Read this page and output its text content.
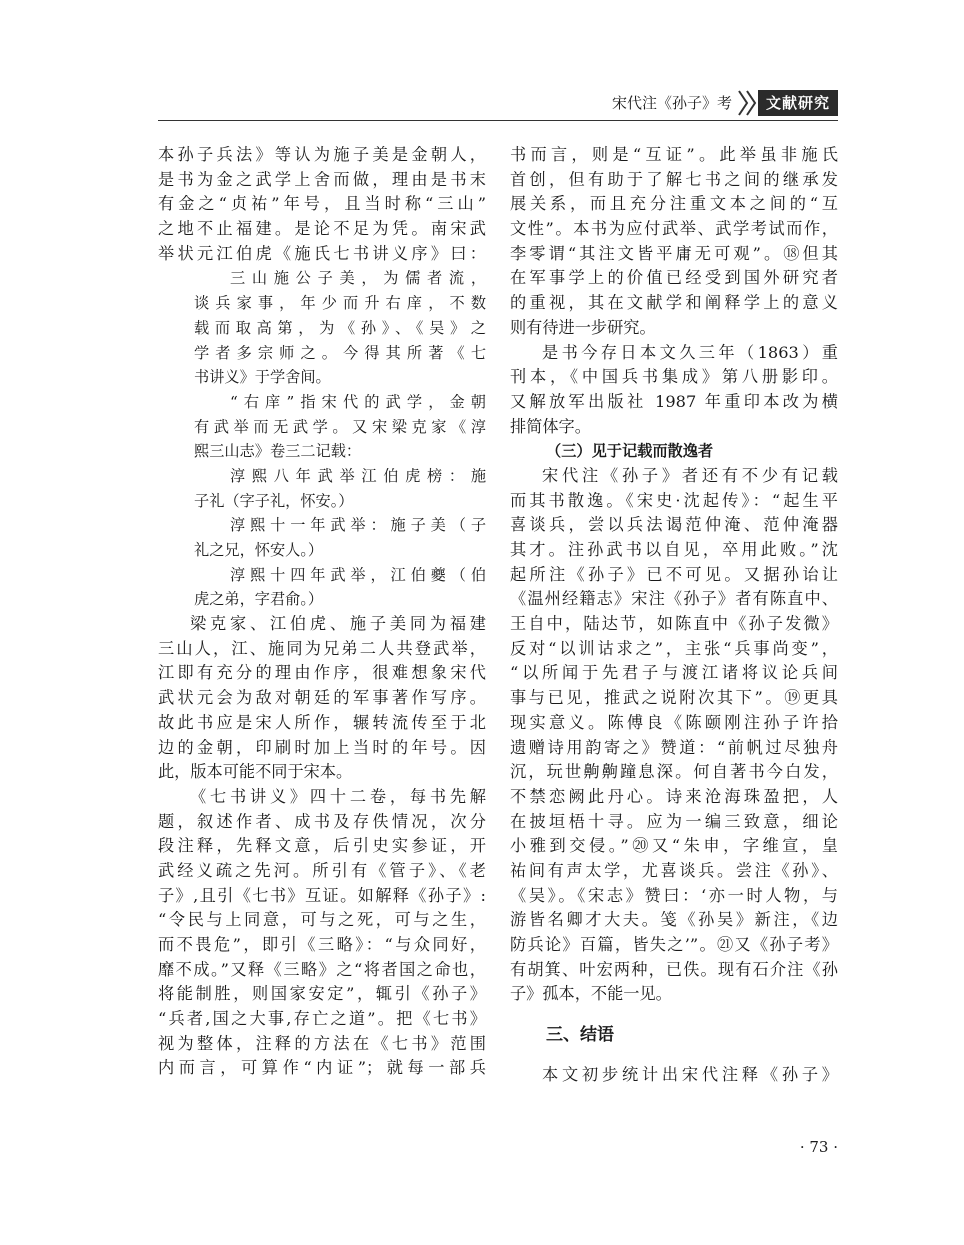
宋代注《孙子》考	文献研究
本孙子兵法》等认为施子美是金朝人，
是书为金之武学上舍而做，理由是书末
有金之“贞祐”年号，且当时称“三山”
之地不止福建。是论不足为凭。南宋武
举状元江伯虎《施氏七书讲义序》曰：
三山施公子美，为儒者流，
谈兵家事，年少而升右庠，不数
载而取高第，为《孙》、《吴》之
学者多宗师之。今得其所著《七
书讲义》于学舍间。
“右庠”指宋代的武学，金朝
有武举而无武学。又宋梁克家《淳
熙三山志》卷三二记载：
淳熙八年武举江伯虎榜：施
子礼（字子礼，怀安。）
淳熙十一年武举：施子美（子
礼之兄，怀安人。）
淳熙十四年武举，江伯夔（伯
虎之弟，字君俞。）
梁克家、江伯虎、施子美同为福建
三山人，江、施同为兄弟二人共登武举，
江即有充分的理由作序，很难想象宋代
武状元会为敌对朝廷的军事著作写序。
故此书应是宋人所作，辗转流传至于北
边的金朝，印刷时加上当时的年号。因
此，版本可能不同于宋本。
《七书讲义》四十二卷，每书先解
题，叙述作者、成书及存佚情况，次分
段注释，先释文意，后引史实参证，开
武经义疏之先河。所引有《管子》、《老
子》,且引《七书》互证。如解释《孙子》:
“令民与上同意，可与之死，可与之生，
而不畏危”，即引《三略》：“与众同好，
靡不成。”又释《三略》之“将者国之命也，
将能制胜，则国家安定”，辄引《孙子》
“兵者,国之大事,存亡之道”。把《七书》
视为整体，注释的方法在《七书》范围
内而言，可算作“内证”；就每一部兵
书而言，则是“互证”。此举虽非施氏
首创，但有助于了解七书之间的继承发
展关系，而且充分注重文本之间的“互
文性”。本书为应付武举、武学考试而作，
李零谓“其注文皆平庸无可观”。⑱但其
在军事学上的价值已经受到国外研究者
的重视，其在文献学和阐释学上的意义
则有待进一步研究。
是书今存日本文久三年（1863）重
刊本，《中国兵书集成》第八册影印。
又解放军出版社 1987 年重印本改为横
排简体字。
（三）见于记载而散逸者
宋代注《孙子》者还有不少有记载
而其书散逸。《宋史·沈起传》：“起生平
喜谈兵，尝以兵法谒范仲淹、范仲淹器
其才。注孙武书以自见，卒用此败。”沈
起所注《孙子》已不可见。又据孙诒让
《温州经籍志》宋注《孙子》者有陈直中、
王自中，陆达节，如陈直中《孙子发微》
反对“以训诂求之”，主张“兵事尚变”，
“以所闻于先君子与渡江诸将议论兵间
事与已见，推武之说附次其下”。⑲更具
现实意义。陈傅良《陈颐刚注孙子许拾
遗赠诗用韵寄之》赞道：“前帆过尽独舟
沉，玩世齁齁蹱息深。何自著书今白发，
不禁恋阙此丹心。诗来沧海珠盈把，人
在披垣梧十寻。应为一编三致意，细论
小雅到交侵。”⑳又“朱申，字维宣，皇
祐间有声太学，尤喜谈兵。尝注《孙》、
《吴》。《宋志》赞曰：‘亦一时人物，与
游皆名卿才大夫。笺《孙吴》新注，《边
防兵论》百篇，皆失之’”。㉑又《孙子考》
有胡箕、叶宏两种，已佚。现有石介注《孙
子》孤本，不能一见。
三、结语
本文初步统计出宋代注释《孙子》
· 73 ·
